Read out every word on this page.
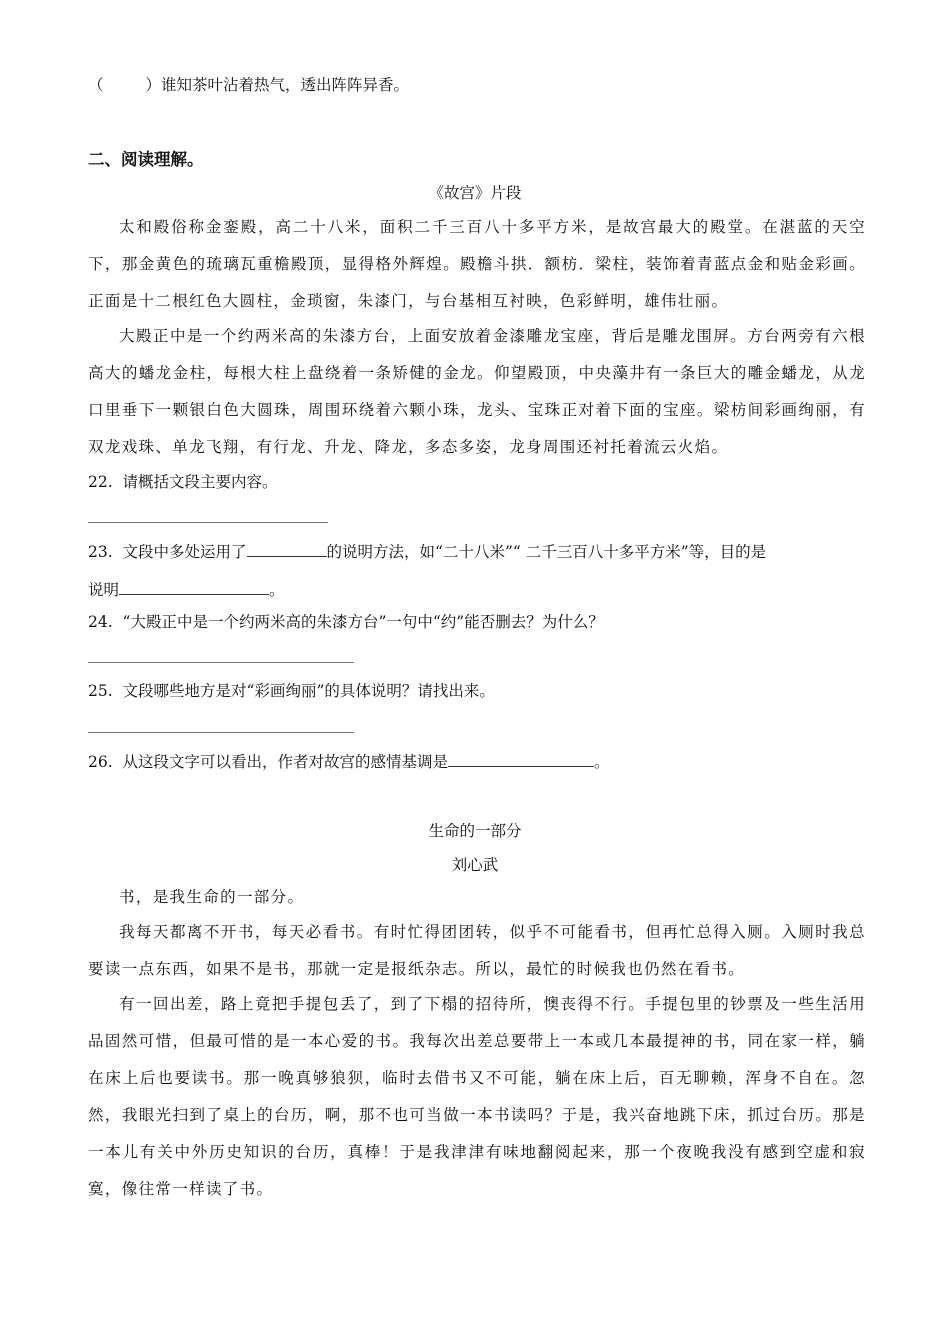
（	）谁知茶叶沾着热气，透出阵阵异香。
二、阅读理解。
《故宫》片段
太和殿俗称金銮殿，高二十八米，面积二千三百八十多平方米，是故宫最大的殿堂。在湛蓝的天空下，那金黄色的琉璃瓦重檐殿顶，显得格外辉煌。殿檐斗拱．额枋．梁柱，装饰着青蓝点金和贴金彩画。正面是十二根红色大圆柱，金琐窗，朱漆门，与台基相互衬映，色彩鲜明，雄伟壮丽。
大殿正中是一个约两米高的朱漆方台，上面安放着金漆雕龙宝座，背后是雕龙围屏。方台两旁有六根高大的蟠龙金柱，每根大柱上盘绕着一条矫健的金龙。仰望殿顶，中央藻井有一条巨大的雕金蟠龙，从龙口里垂下一颗银白色大圆珠，周围环绕着六颗小珠，龙头、宝珠正对着下面的宝座。梁枋间彩画绚丽，有双龙戏珠、单龙飞翔，有行龙、升龙、降龙，多态多姿，龙身周围还衬托着流云火焰。
22. 请概括文段主要内容。
23. 文段中多处运用了	的说明方法，如“二十八米”“ 二千三百八十多平方米”等，目的是
说明	。
24. “大殿正中是一个约两米高的朱漆方台”一句中“约”能否删去？为什么？
25. 文段哪些地方是对“彩画绚丽”的具体说明？请找出来。
26. 从这段文字可以看出，作者对故宫的感情基调是	。
生命的一部分
刘心武
书，是我生命的一部分。
我每天都离不开书，每天必看书。有时忙得团团转，似乎不可能看书，但再忙总得入厕。入厕时我总要读一点东西，如果不是书，那就一定是报纸杂志。所以，最忙的时候我也仍然在看书。
有一回出差，路上竟把手提包丢了，到了下榻的招待所，懊丧得不行。手提包里的钞票及一些生活用品固然可惜，但最可惜的是一本心爱的书。我每次出差总要带上一本或几本最提神的书，同在家一样，躺在床上后也要读书。那一晚真够狼狈，临时去借书又不可能，躺在床上后，百无聊赖，浑身不自在。忽然，我眼光扫到了桌上的台历，啊，那不也可当做一本书读吗？于是，我兴奋地跳下床，抓过台历。那是一本儿有关中外历史知识的台历，真棒！于是我津津有味地翻阅起来，那一个夜晚我没有感到空虚和寂寞，像往常一样读了书。
